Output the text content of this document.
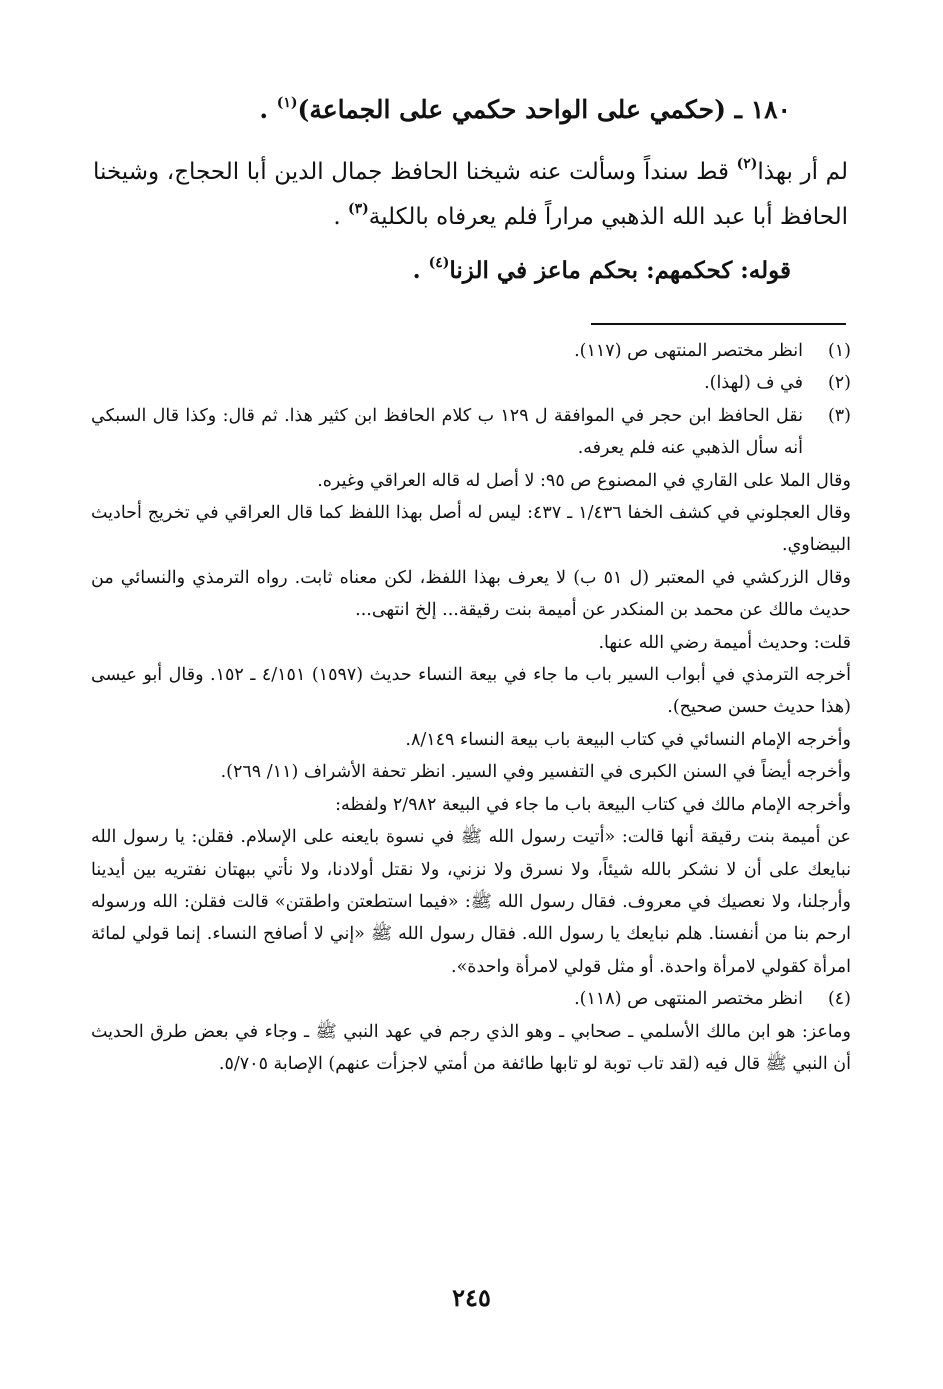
١٨٠ ـ (حكمي على الواحد حكمي على الجماعة)$^{(١)}$ .
لم أر بهذا$^{(٢)}$ قط سنداً وسألت عنه شيخنا الحافظ جمال الدين أبا الحجاج، وشيخنا الحافظ أبا عبد الله الذهبي مراراً فلم يعرفاه بالكلية$^{(٣)}$ .
قوله: كحكمهم: بحكم ماعز في الزنا$^{(٤)}$ .
(١)

انظر مختصر المنتهى ص (١١٧).

(٢)

في ف (لهذا).

(٣)

نقل الحافظ ابن حجر في الموافقة ل ١٢٩ ب كلام الحافظ ابن كثير هذا. ثم قال: وكذا قال السبكي أنه سأل الذهبي عنه فلم يعرفه.

وقال الملا على القاري في المصنوع ص ٩٥: لا أصل له قاله العراقي وغيره.

وقال العجلوني في كشف الخفا ١/٤٣٦ ـ ٤٣٧: ليس له أصل بهذا اللفظ كما قال العراقي في تخريج أحاديث البيضاوي.

وقال الزركشي في المعتبر (ل ٥١ ب) لا يعرف بهذا اللفظ، لكن معناه ثابت. رواه الترمذي والنسائي من حديث مالك عن محمد بن المنكدر عن أميمة بنت رقيقة... إلخ انتهى...

قلت: وحديث أميمة رضي الله عنها.

أخرجه الترمذي في أبواب السير باب ما جاء في بيعة النساء حديث (١٥٩٧) ٤/١٥١ ـ ١٥٢. وقال أبو عيسى (هذا حديث حسن صحيح).

وأخرجه الإمام النسائي في كتاب البيعة باب بيعة النساء ٨/١٤٩.

وأخرجه أيضاً في السنن الكبرى في التفسير وفي السير. انظر تحفة الأشراف (١١/ ٢٦٩).

وأخرجه الإمام مالك في كتاب البيعة باب ما جاء في البيعة ٢/٩٨٢ ولفظه:

عن أميمة بنت رقيقة أنها قالت: «أتيت رسول الله ﷺ في نسوة بايعنه على الإسلام. فقلن: يا رسول الله نبايعك على أن لا نشكر بالله شيئاً، ولا نسرق ولا نزني، ولا نقتل أولادنا، ولا نأتي ببهتان نفتريه بين أيدينا وأرجلنا، ولا نعصيك في معروف. فقال رسول الله ﷺ: «فيما استطعتن واطقتن» قالت فقلن: الله ورسوله ارحم بنا من أنفسنا. هلم نبايعك يا رسول الله. فقال رسول الله ﷺ «إني لا أصافح النساء. إنما قولي لمائة امرأة كقولي لامرأة واحدة. أو مثل قولي لامرأة واحدة».

(٤)

انظر مختصر المنتهى ص (١١٨).

وماعز: هو ابن مالك الأسلمي ـ صحابي ـ وهو الذي رجم في عهد النبي ﷺ ـ وجاء في بعض طرق الحديث أن النبي ﷺ قال فيه (لقد تاب توبة لو تابها طائفة من أمتي لاجزأت عنهم) الإصابة ٥/٧٠٥.

٢٤٥
